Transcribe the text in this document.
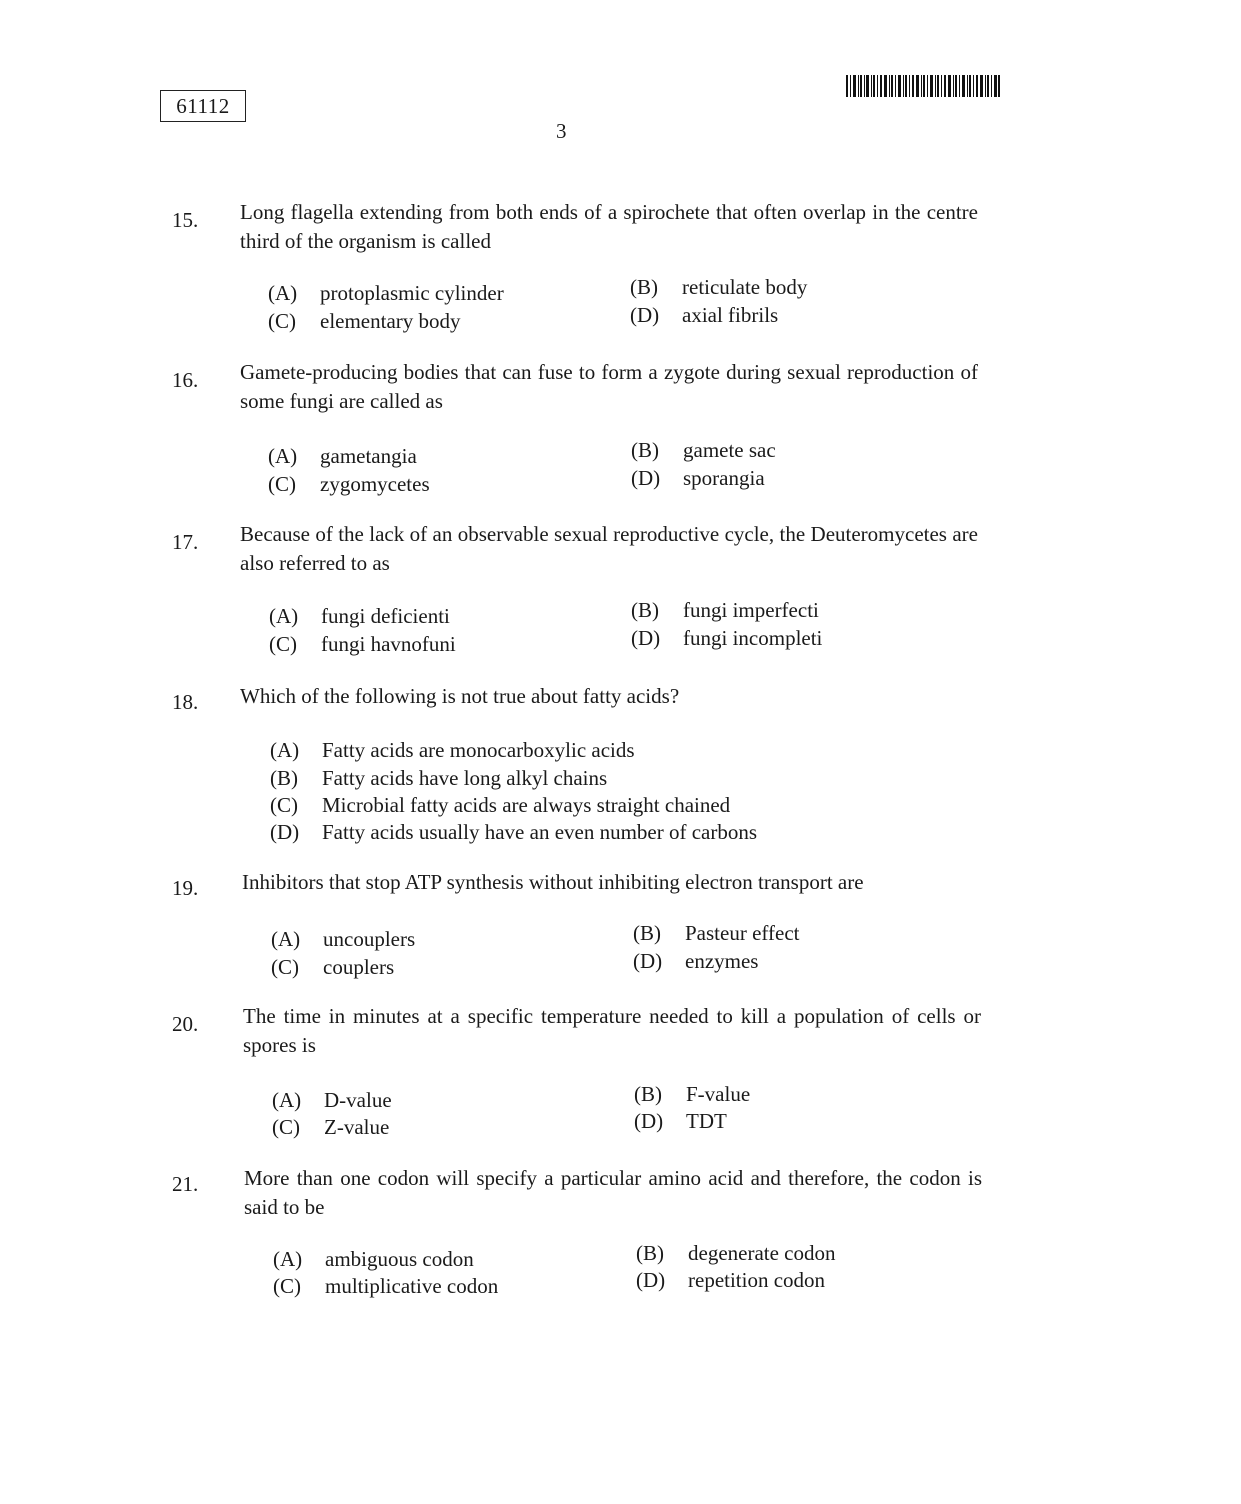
61112
3
15. Long flagella extending from both ends of a spirochete that often overlap in the centre third of the organism is called
(A) protoplasmic cylinder	(B) reticulate body
(C) elementary body	(D) axial fibrils
16. Gamete-producing bodies that can fuse to form a zygote during sexual reproduction of some fungi are called as
(A) gametangia	(B) gamete sac
(C) zygomycetes	(D) sporangia
17. Because of the lack of an observable sexual reproductive cycle, the Deuteromycetes are also referred to as
(A) fungi deficienti	(B) fungi imperfecti
(C) fungi havnofuni	(D) fungi incompleti
18. Which of the following is not true about fatty acids?
(A) Fatty acids are monocarboxylic acids
(B) Fatty acids have long alkyl chains
(C) Microbial fatty acids are always straight chained
(D) Fatty acids usually have an even number of carbons
19. Inhibitors that stop ATP synthesis without inhibiting electron transport are
(A) uncouplers	(B) Pasteur effect
(C) couplers	(D) enzymes
20. The time in minutes at a specific temperature needed to kill a population of cells or spores is
(A) D-value	(B) F-value
(C) Z-value	(D) TDT
21. More than one codon will specify a particular amino acid and therefore, the codon is said to be
(A) ambiguous codon	(B) degenerate codon
(C) multiplicative codon	(D) repetition codon
